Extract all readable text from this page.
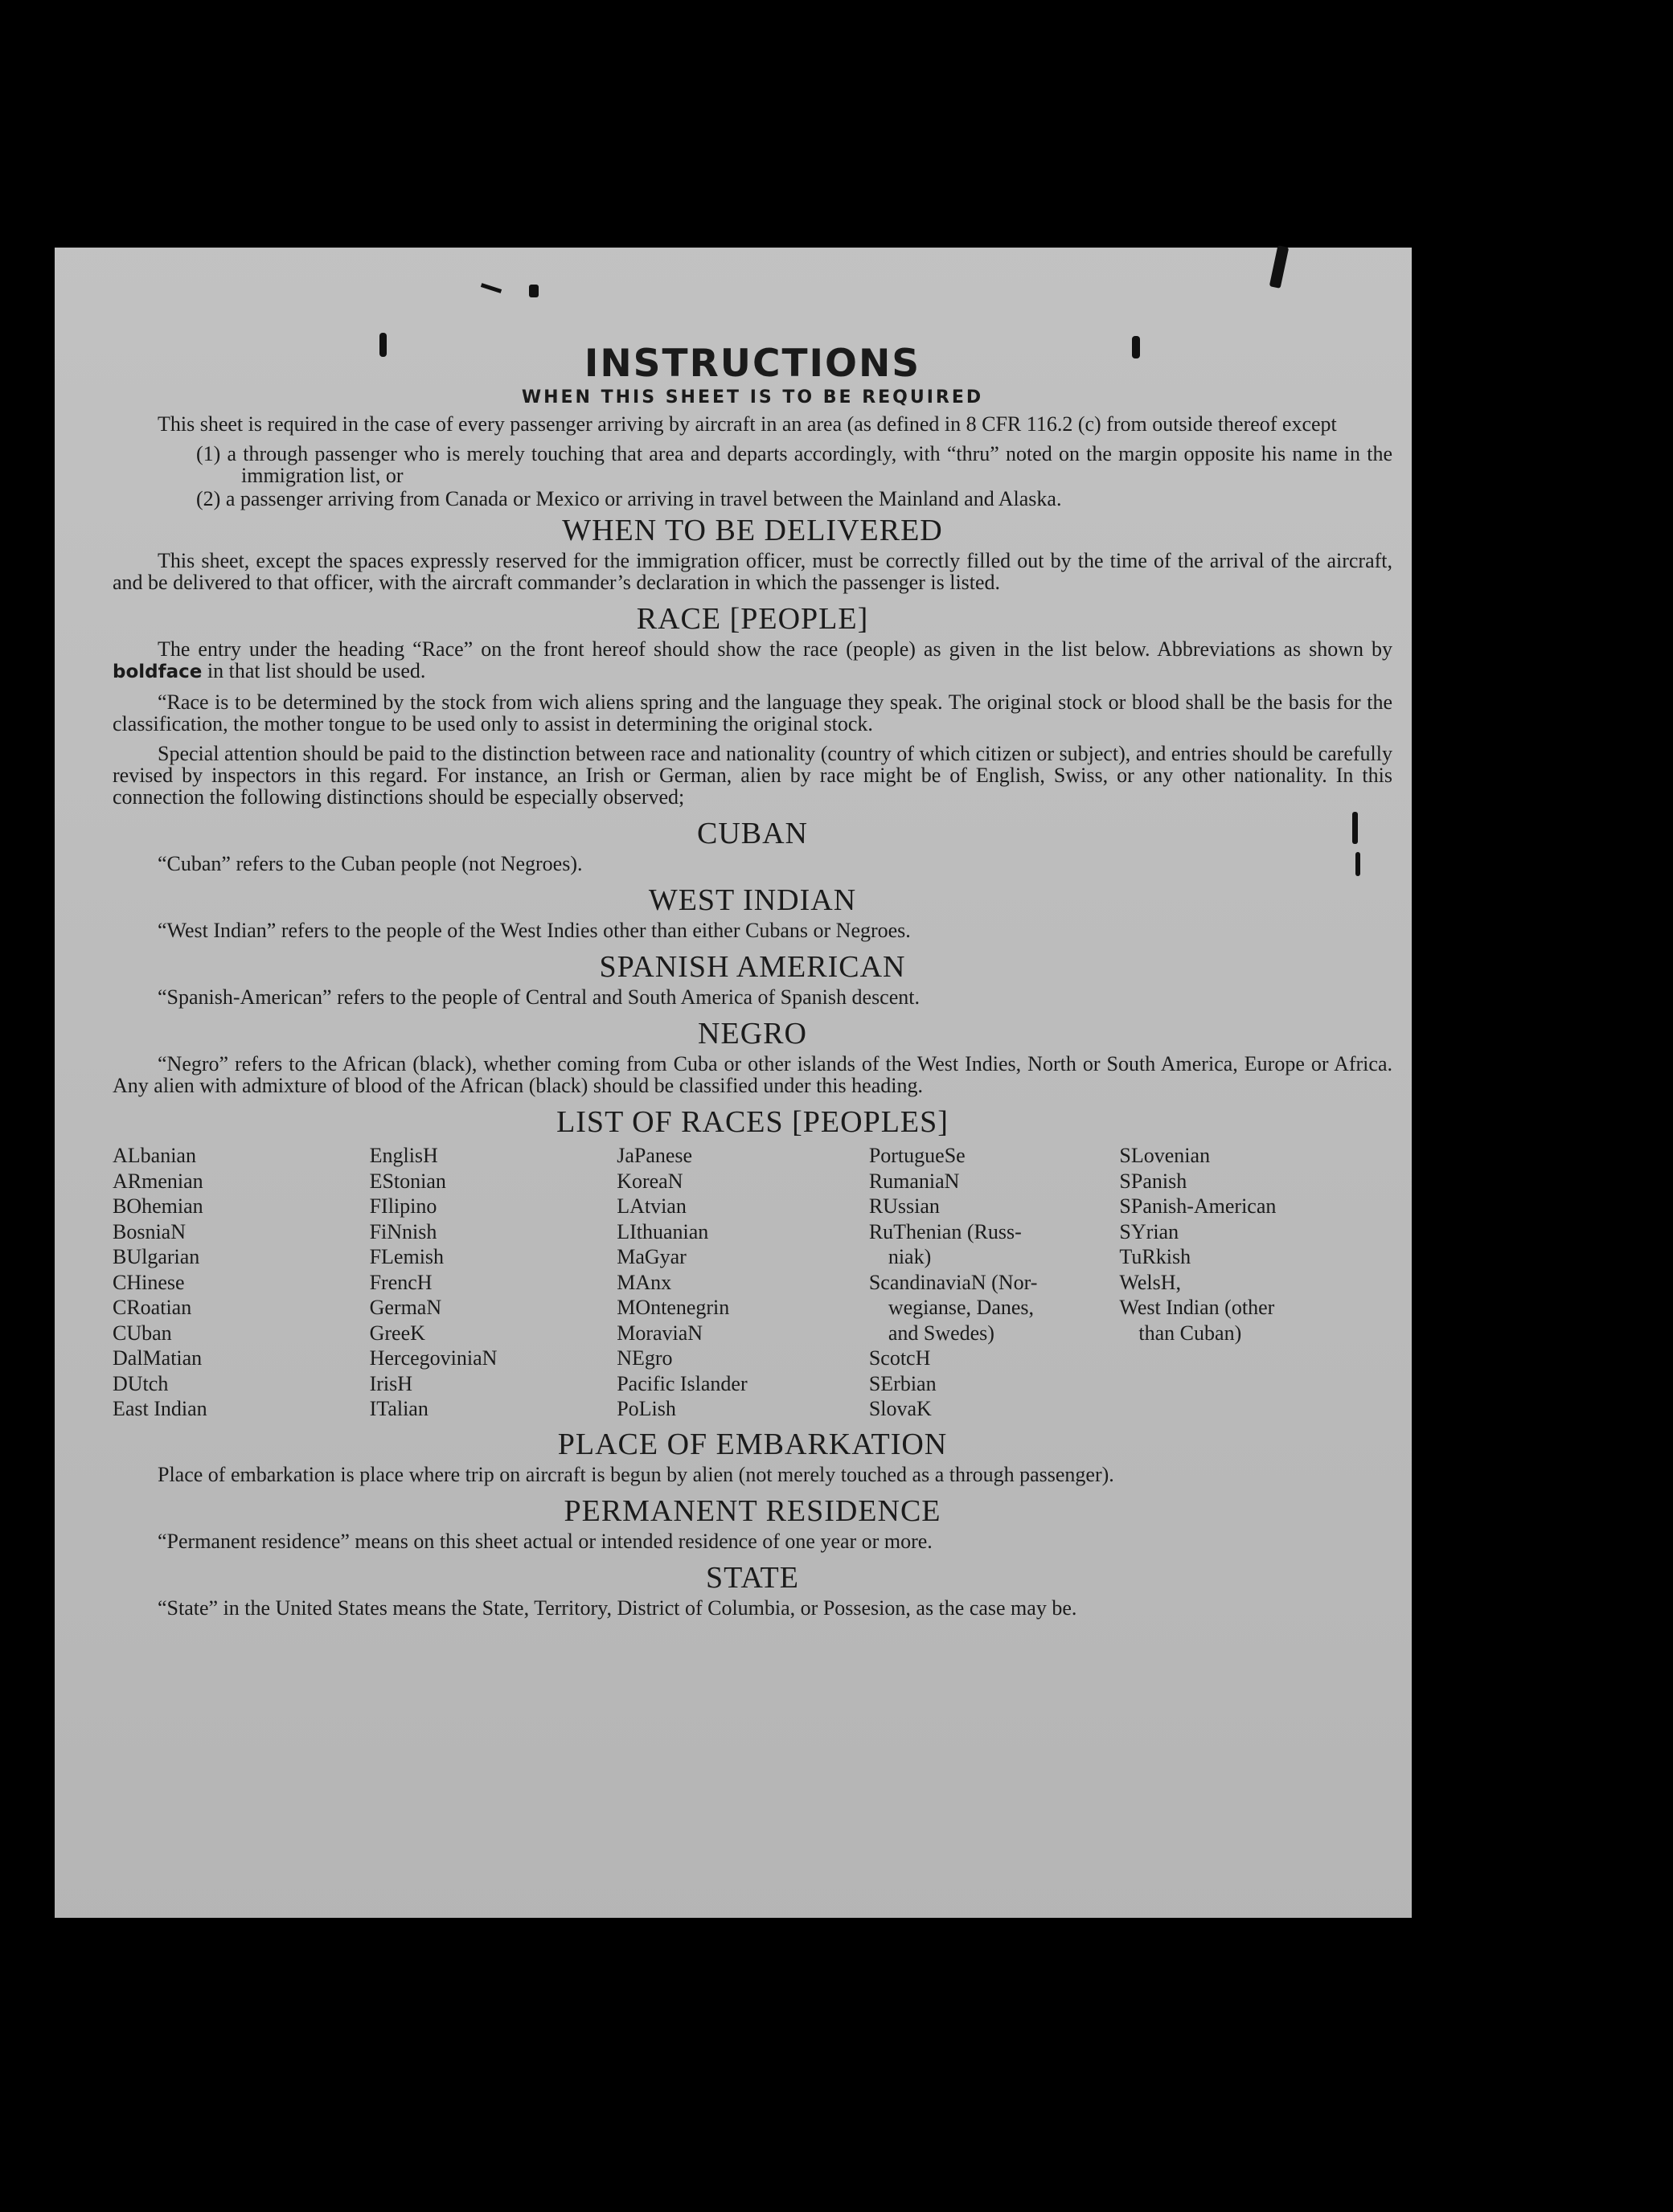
INSTRUCTIONS
WHEN THIS SHEET IS TO BE REQUIRED

This sheet is required in the case of every passenger arriving by aircraft in an area (as defined in 8 CFR 116.2 (c) from outside thereof except

(1) a through passenger who is merely touching that area and departs accordingly, with “thru” noted on the margin opposite his name in the immigration list, or
(2) a passenger arriving from Canada or Mexico or arriving in travel between the Mainland and Alaska.
WHEN TO BE DELIVERED

This sheet, except the spaces expressly reserved for the immigration officer, must be correctly filled out by the time of the arrival of the aircraft, and be delivered to that officer, with the aircraft commander’s declaration in which the passenger is listed.

RACE [PEOPLE]

The entry under the heading “Race” on the front hereof should show the race (people) as given in the list below. Abbreviations as shown by boldface in that list should be used.

“Race is to be determined by the stock from wich aliens spring and the language they speak. The original stock or blood shall be the basis for the classification, the mother tongue to be used only to assist in determining the original stock.

Special attention should be paid to the distinction between race and nationality (country of which citizen or subject), and entries should be carefully revised by inspectors in this regard. For instance, an Irish or German, alien by race might be of English, Swiss, or any other nationality. In this connection the following distinctions should be especially observed;

CUBAN

“Cuban” refers to the Cuban people (not Negroes).

WEST INDIAN

“West Indian” refers to the people of the West Indies other than either Cubans or Negroes.

SPANISH AMERICAN

“Spanish-American” refers to the people of Central and South America of Spanish descent.

NEGRO

“Negro” refers to the African (black), whether coming from Cuba or other islands of the West Indies, North or South America, Europe or Africa. Any alien with admixture of blood of the African (black) should be classified under this heading.

LIST OF RACES [PEOPLES]
ALbanian
ARmenian
BOhemian
BosniaN
BUlgarian
CHinese
CRoatian
CUban
DalMatian
DUtch
East Indian
EnglisH
EStonian
FIlipino
FiNnish
FLemish
FrencH
GermaN
GreeK
HercegoviniaN
IrisH
ITalian
JaPanese
KoreaN
LAtvian
LIthuanian
MaGyar
MAnx
MOntenegrin
MoraviaN
NEgro
Pacific Islander
PoLish
PortugueSe
RumaniaN
RUssian
RuThenian (Russ-
niak)
ScandinaviaN (Nor-
wegianse, Danes,
and Swedes)
ScotcH
SErbian
SlovaK
SLovenian
SPanish
SPanish-American
SYrian
TuRkish
WelsH,
West Indian (other
than Cuban)
PLACE OF EMBARKATION

Place of embarkation is place where trip on aircraft is begun by alien (not merely touched as a through passenger).

PERMANENT RESIDENCE

“Permanent residence” means on this sheet actual or intended residence of one year or more.

STATE

“State” in the United States means the State, Territory, District of Columbia, or Possesion, as the case may be.
